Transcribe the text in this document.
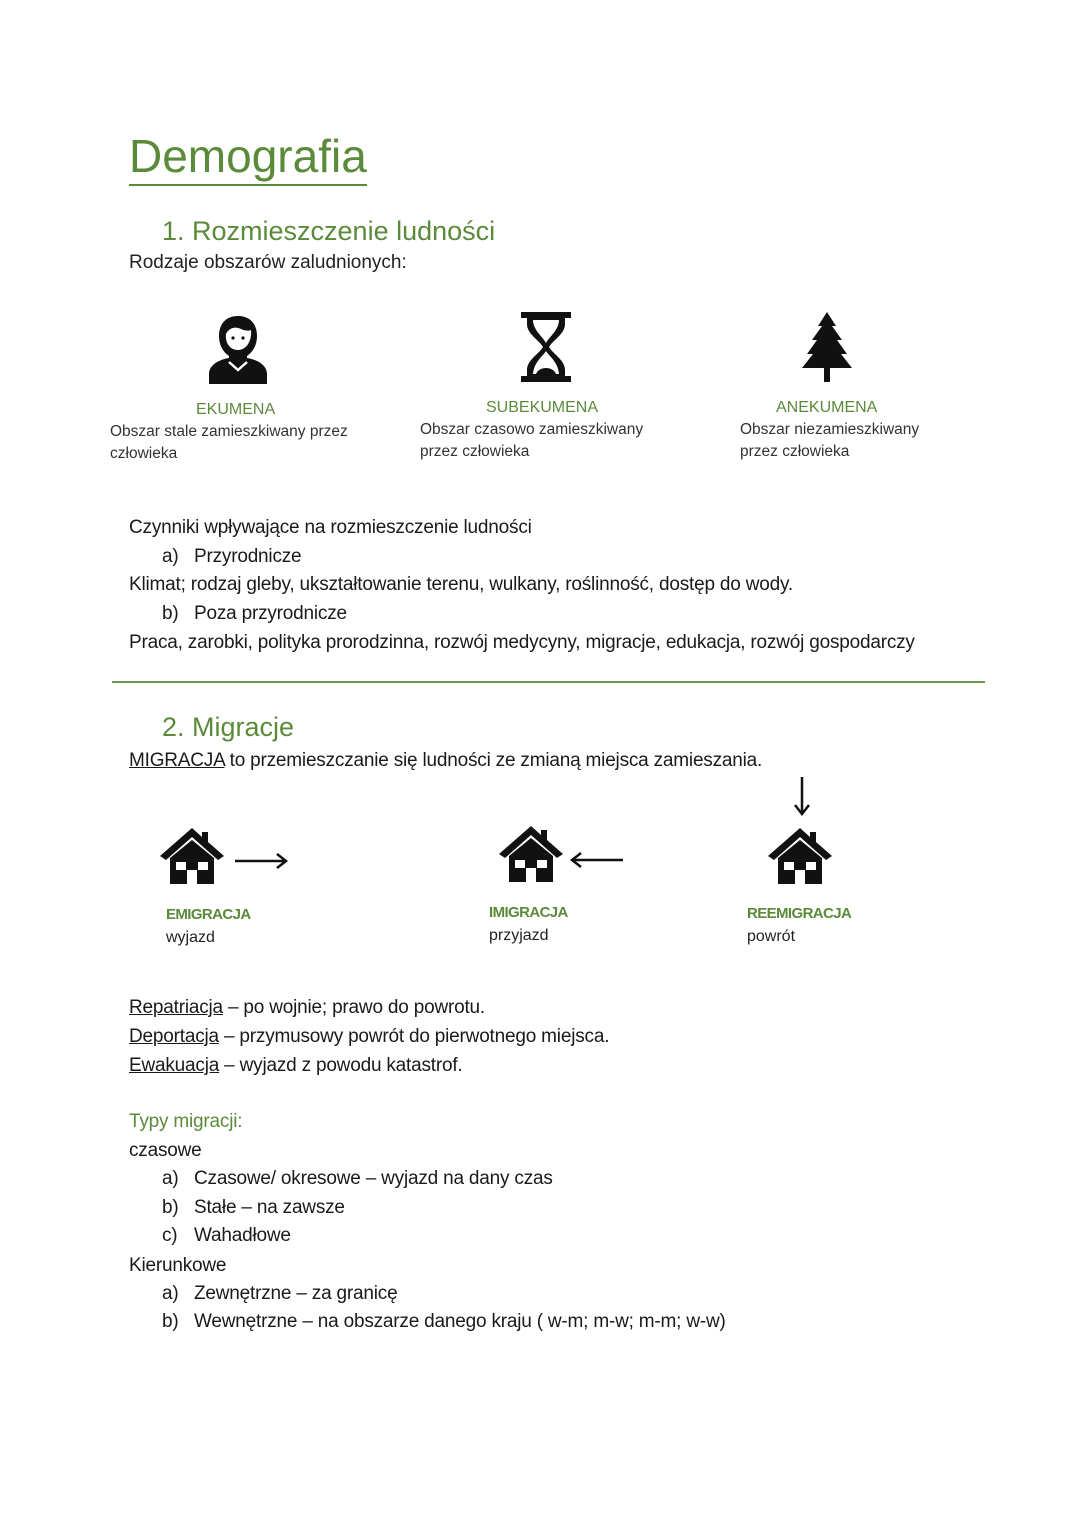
Demografia
1. Rozmieszczenie ludności
Rodzaje obszarów zaludnionych:
EKUMENA
Obszar stale zamieszkiwany przez
człowieka
SUBEKUMENA
Obszar czasowo zamieszkiwany
przez człowieka
ANEKUMENA
Obszar niezamieszkiwany
przez człowieka
Czynniki wpływające na rozmieszczenie ludności
a) Przyrodnicze
Klimat; rodzaj gleby, ukształtowanie terenu, wulkany, roślinność, dostęp do wody.
b) Poza przyrodnicze
Praca, zarobki, polityka prorodzinna, rozwój medycyny, migracje, edukacja, rozwój gospodarczy
2. Migracje
MIGRACJA to przemieszczanie się ludności ze zmianą miejsca zamieszania.
EMIGRACJA
wyjazd
IMIGRACJA
przyjazd
REEMIGRACJA
powrót
Repatriacja – po wojnie; prawo do powrotu.
Deportacja – przymusowy powrót do pierwotnego miejsca.
Ewakuacja – wyjazd z powodu katastrof.
Typy migracji:
czasowe
a) Czasowe/ okresowe – wyjazd na dany czas
b) Stałe – na zawsze
c) Wahadłowe
Kierunkowe
a) Zewnętrzne – za granicę
b) Wewnętrzne – na obszarze danego kraju ( w-m; m-w; m-m; w-w)
